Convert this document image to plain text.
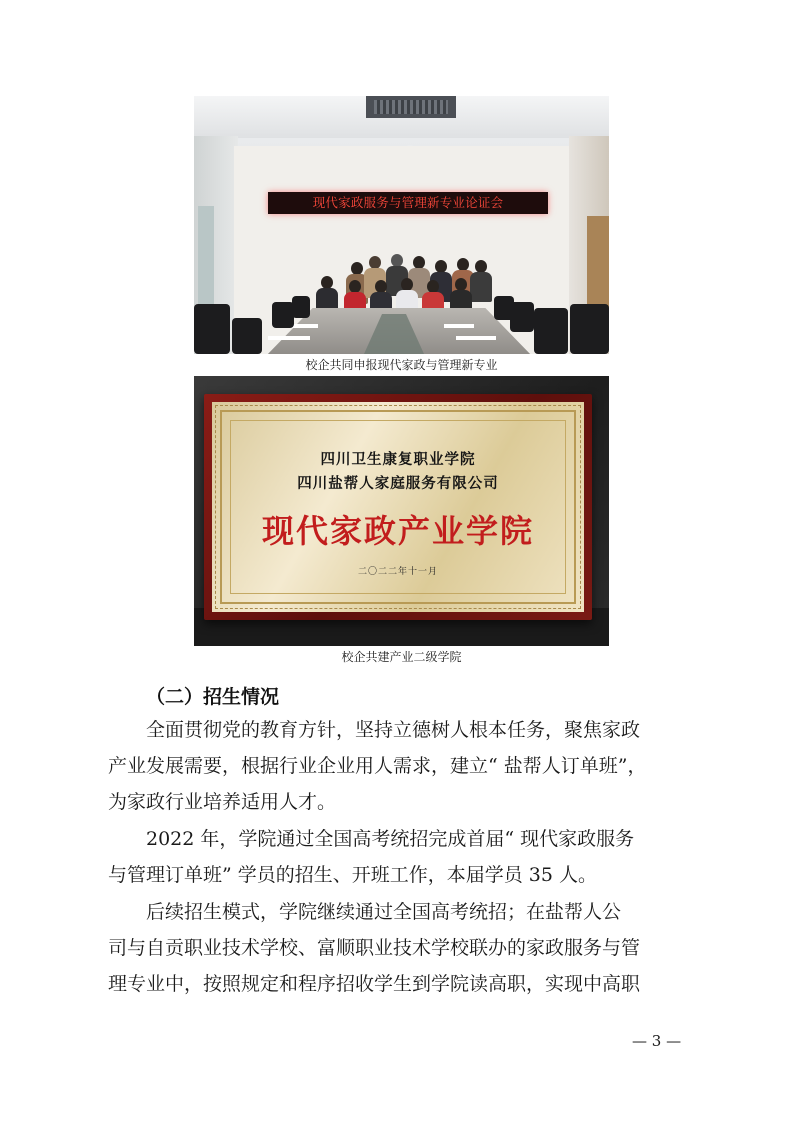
现代家政服务与管理新专业论证会
校企共同申报现代家政与管理新专业
四川卫生康复职业学院
四川盐帮人家庭服务有限公司
现代家政产业学院
二〇二二年十一月
校企共建产业二级学院
（二）招生情况
全面贯彻党的教育方针，坚持立德树人根本任务，聚焦家政
产业发展需要，根据行业企业用人需求，建立“ 盐帮人订单班”，
为家政行业培养适用人才。
2022 年，学院通过全国高考统招完成首届“ 现代家政服务
与管理订单班” 学员的招生、开班工作，本届学员 35 人。
后续招生模式，学院继续通过全国高考统招；在盐帮人公
司与自贡职业技术学校、富顺职业技术学校联办的家政服务与管
理专业中，按照规定和程序招收学生到学院读高职，实现中高职
— 3 —
